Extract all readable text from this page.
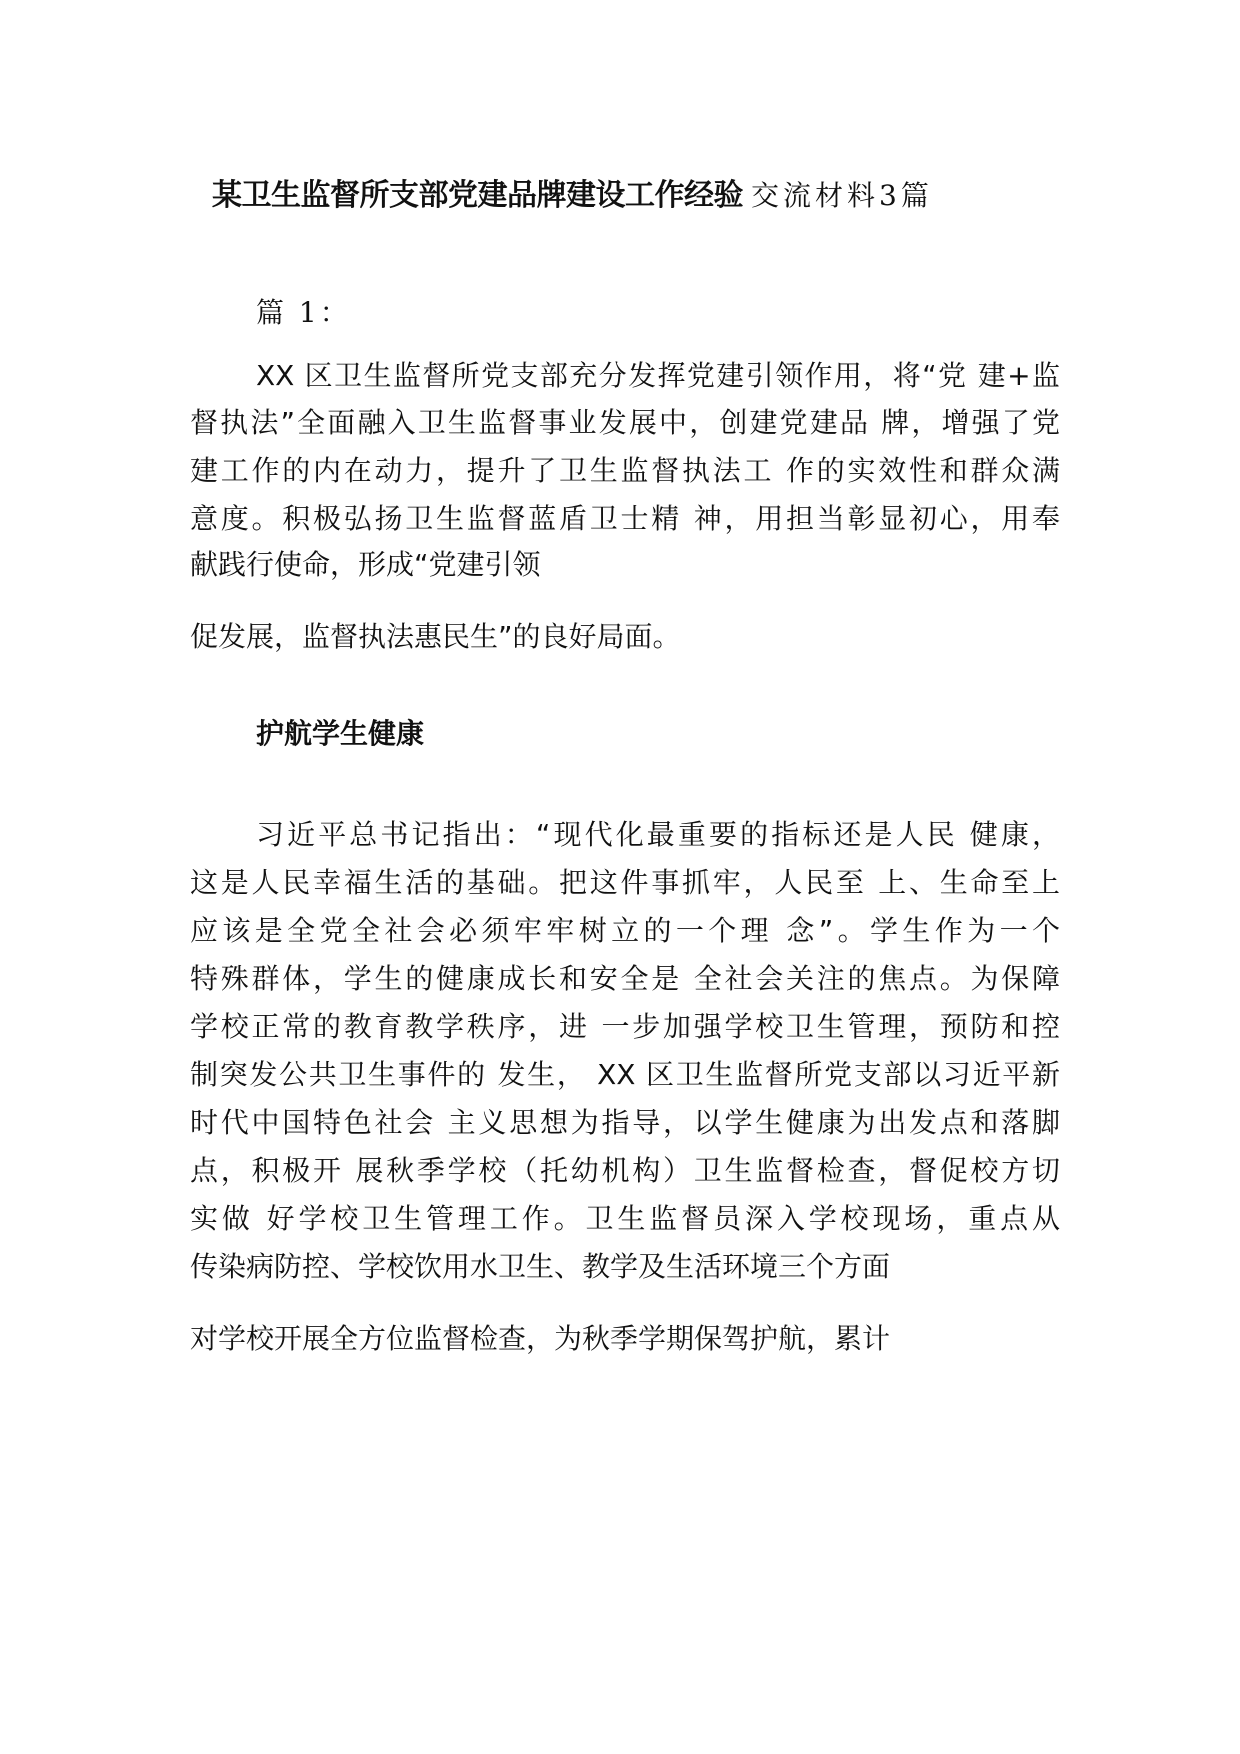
某卫生监督所支部党建品牌建设工作经验 交流材料3篇
篇 1：
XX 区卫生监督所党支部充分发挥党建引领作用，将“党 建+监
督执法”全面融入卫生监督事业发展中，创建党建品 牌，增强了党
建工作的内在动力，提升了卫生监督执法工 作的实效性和群众满
意度。积极弘扬卫生监督蓝盾卫士精 神，用担当彰显初心，用奉
献践行使命，形成“党建引领
促发展，监督执法惠民生”的良好局面。
护航学生健康
习近平总书记指出：“现代化最重要的指标还是人民 健康，
这是人民幸福生活的基础。把这件事抓牢，人民至 上、生命至上
应该是全党全社会必须牢牢树立的一个理 念”。学生作为一个
特殊群体，学生的健康成长和安全是 全社会关注的焦点。为保障
学校正常的教育教学秩序，进 一步加强学校卫生管理，预防和控
制突发公共卫生事件的 发生， XX 区卫生监督所党支部以习近平新
时代中国特色社会 主义思想为指导，以学生健康为出发点和落脚
点，积极开 展秋季学校（托幼机构）卫生监督检查，督促校方切
实做 好学校卫生管理工作。卫生监督员深入学校现场，重点从
传染病防控、学校饮用水卫生、教学及生活环境三个方面
对学校开展全方位监督检查，为秋季学期保驾护航，累计
